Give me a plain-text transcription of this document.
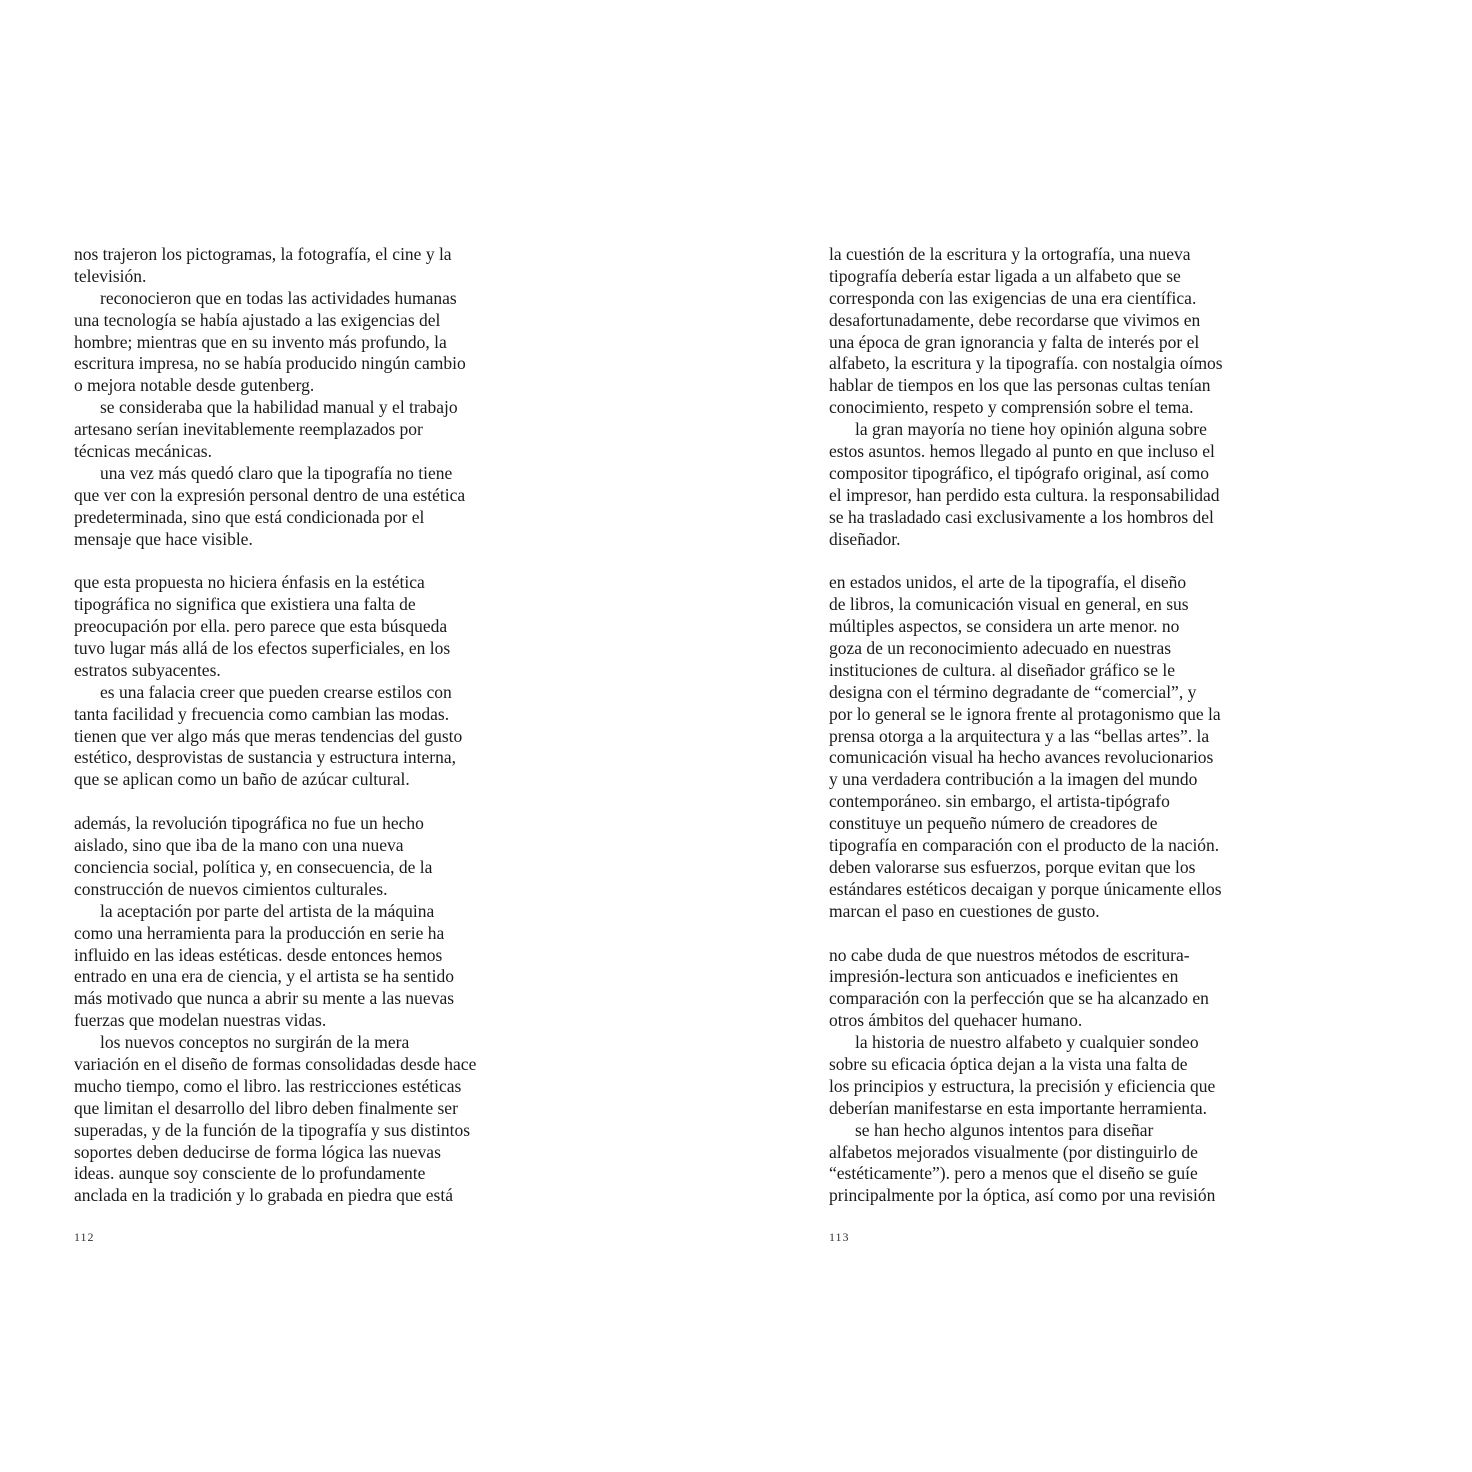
nos trajeron los pictogramas, la fotografía, el cine y la
televisión.
reconocieron que en todas las actividades humanas
una tecnología se había ajustado a las exigencias del
hombre; mientras que en su invento más profundo, la
escritura impresa, no se había producido ningún cambio
o mejora notable desde gutenberg.
se consideraba que la habilidad manual y el trabajo
artesano serían inevitablemente reemplazados por
técnicas mecánicas.
una vez más quedó claro que la tipografía no tiene
que ver con la expresión personal dentro de una estética
predeterminada, sino que está condicionada por el
mensaje que hace visible.
que esta propuesta no hiciera énfasis en la estética
tipográfica no significa que existiera una falta de
preocupación por ella. pero parece que esta búsqueda
tuvo lugar más allá de los efectos superficiales, en los
estratos subyacentes.
es una falacia creer que pueden crearse estilos con
tanta facilidad y frecuencia como cambian las modas.
tienen que ver algo más que meras tendencias del gusto
estético, desprovistas de sustancia y estructura interna,
que se aplican como un baño de azúcar cultural.
además, la revolución tipográfica no fue un hecho
aislado, sino que iba de la mano con una nueva
conciencia social, política y, en consecuencia, de la
construcción de nuevos cimientos culturales.
la aceptación por parte del artista de la máquina
como una herramienta para la producción en serie ha
influido en las ideas estéticas. desde entonces hemos
entrado en una era de ciencia, y el artista se ha sentido
más motivado que nunca a abrir su mente a las nuevas
fuerzas que modelan nuestras vidas.
los nuevos conceptos no surgirán de la mera
variación en el diseño de formas consolidadas desde hace
mucho tiempo, como el libro. las restricciones estéticas
que limitan el desarrollo del libro deben finalmente ser
superadas, y de la función de la tipografía y sus distintos
soportes deben deducirse de forma lógica las nuevas
ideas. aunque soy consciente de lo profundamente
anclada en la tradición y lo grabada en piedra que está
la cuestión de la escritura y la ortografía, una nueva
tipografía debería estar ligada a un alfabeto que se
corresponda con las exigencias de una era científica.
desafortunadamente, debe recordarse que vivimos en
una época de gran ignorancia y falta de interés por el
alfabeto, la escritura y la tipografía. con nostalgia oímos
hablar de tiempos en los que las personas cultas tenían
conocimiento, respeto y comprensión sobre el tema.
la gran mayoría no tiene hoy opinión alguna sobre
estos asuntos. hemos llegado al punto en que incluso el
compositor tipográfico, el tipógrafo original, así como
el impresor, han perdido esta cultura. la responsabilidad
se ha trasladado casi exclusivamente a los hombros del
diseñador.
en estados unidos, el arte de la tipografía, el diseño
de libros, la comunicación visual en general, en sus
múltiples aspectos, se considera un arte menor. no
goza de un reconocimiento adecuado en nuestras
instituciones de cultura. al diseñador gráfico se le
designa con el término degradante de “comercial”, y
por lo general se le ignora frente al protagonismo que la
prensa otorga a la arquitectura y a las “bellas artes”. la
comunicación visual ha hecho avances revolucionarios
y una verdadera contribución a la imagen del mundo
contemporáneo. sin embargo, el artista-tipógrafo
constituye un pequeño número de creadores de
tipografía en comparación con el producto de la nación.
deben valorarse sus esfuerzos, porque evitan que los
estándares estéticos decaigan y porque únicamente ellos
marcan el paso en cuestiones de gusto.
no cabe duda de que nuestros métodos de escritura-
impresión-lectura son anticuados e ineficientes en
comparación con la perfección que se ha alcanzado en
otros ámbitos del quehacer humano.
la historia de nuestro alfabeto y cualquier sondeo
sobre su eficacia óptica dejan a la vista una falta de
los principios y estructura, la precisión y eficiencia que
deberían manifestarse en esta importante herramienta.
se han hecho algunos intentos para diseñar
alfabetos mejorados visualmente (por distinguirlo de
“estéticamente”). pero a menos que el diseño se guíe
principalmente por la óptica, así como por una revisión
112	113
